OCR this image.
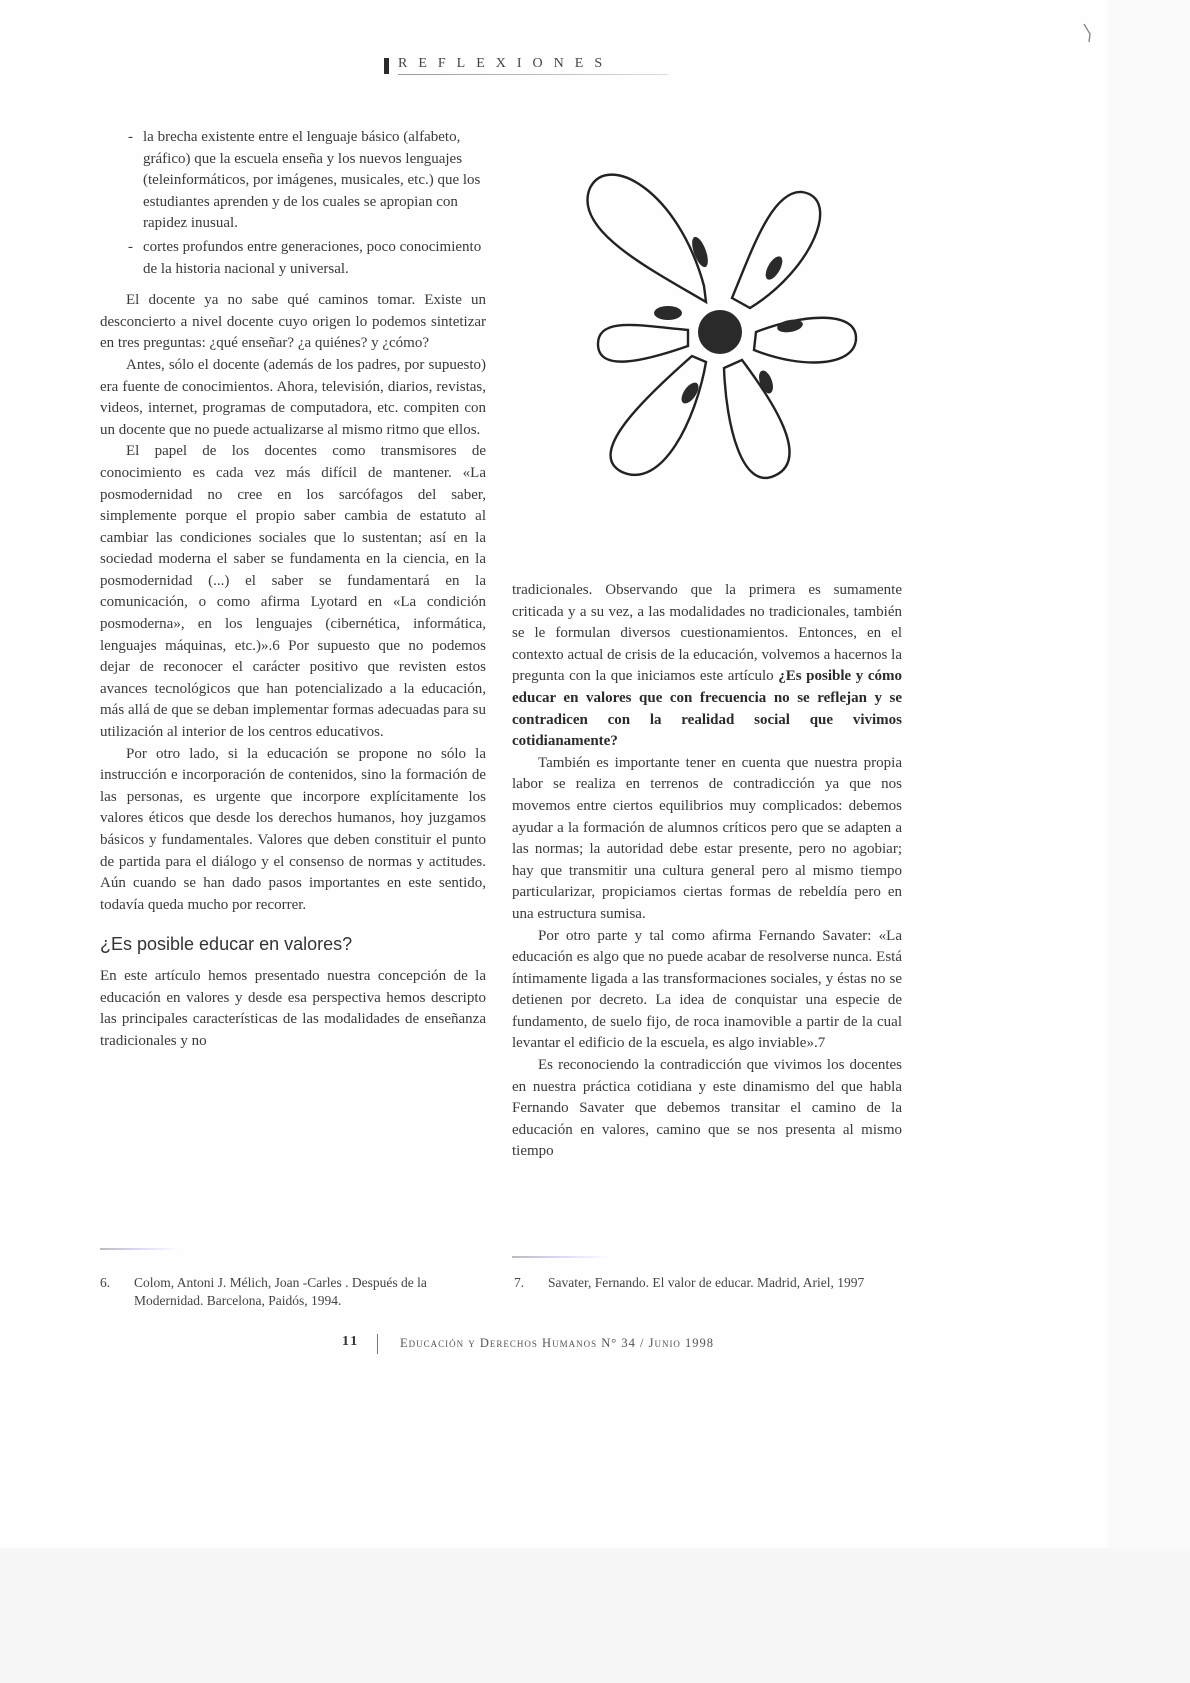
REFLEXIONES
- la brecha existente entre el lenguaje básico (alfabeto, gráfico) que la escuela enseña y los nuevos lenguajes (teleinformáticos, por imágenes, musicales, etc.) que los estudiantes aprenden y de los cuales se apropian con rapidez inusual.
- cortes profundos entre generaciones, poco conocimiento de la historia nacional y universal.

El docente ya no sabe qué caminos tomar. Existe un desconcierto a nivel docente cuyo origen lo podemos sintetizar en tres preguntas: ¿qué enseñar? ¿a quiénes? y ¿cómo?

Antes, sólo el docente (además de los padres, por supuesto) era fuente de conocimientos. Ahora, televisión, diarios, revistas, videos, internet, programas de computadora, etc. compiten con un docente que no puede actualizarse al mismo ritmo que ellos.

El papel de los docentes como transmisores de conocimiento es cada vez más difícil de mantener. «La posmodernidad no cree en los sarcófagos del saber, simplemente porque el propio saber cambia de estatuto al cambiar las condiciones sociales que lo sustentan; así en la sociedad moderna el saber se fundamenta en la ciencia, en la posmodernidad (...) el saber se fundamentará en la comunicación, o como afirma Lyotard en «La condición posmoderna», en los lenguajes (cibernética, informática, lenguajes máquinas, etc.)».6 Por supuesto que no podemos dejar de reconocer el carácter positivo que revisten estos avances tecnológicos que han potencializado a la educación, más allá de que se deban implementar formas adecuadas para su utilización al interior de los centros educativos.

Por otro lado, si la educación se propone no sólo la instrucción e incorporación de contenidos, sino la formación de las personas, es urgente que incorpore explícitamente los valores éticos que desde los derechos humanos, hoy juzgamos básicos y fundamentales. Valores que deben constituir el punto de partida para el diálogo y el consenso de normas y actitudes. Aún cuando se han dado pasos importantes en este sentido, todavía queda mucho por recorrer.

¿Es posible educar en valores?

En este artículo hemos presentado nuestra concepción de la educación en valores y desde esa perspectiva hemos descripto las principales características de las modalidades de enseñanza tradicionales y no

tradicionales. Observando que la primera es sumamente criticada y a su vez, a las modalidades no tradicionales, también se le formulan diversos cuestionamientos. Entonces, en el contexto actual de crisis de la educación, volvemos a hacernos la pregunta con la que iniciamos este artículo ¿Es posible y cómo educar en valores que con frecuencia no se reflejan y se contradicen con la realidad social que vivimos cotidianamente?

También es importante tener en cuenta que nuestra propia labor se realiza en terrenos de contradicción ya que nos movemos entre ciertos equilibrios muy complicados: debemos ayudar a la formación de alumnos críticos pero que se adapten a las normas; la autoridad debe estar presente, pero no agobiar; hay que transmitir una cultura general pero al mismo tiempo particularizar, propiciamos ciertas formas de rebeldía pero en una estructura sumisa.

Por otro parte y tal como afirma Fernando Savater: «La educación es algo que no puede acabar de resolverse nunca. Está íntimamente ligada a las transformaciones sociales, y éstas no se detienen por decreto. La idea de conquistar una especie de fundamento, de suelo fijo, de roca inamovible a partir de la cual levantar el edificio de la escuela, es algo inviable».7

Es reconociendo la contradicción que vivimos los docentes en nuestra práctica cotidiana y este dinamismo del que habla Fernando Savater que debemos transitar el camino de la educación en valores, camino que se nos presenta al mismo tiempo

6.	Colom, Antoni J. Mélich, Joan -Carles . Después de la Modernidad. Barcelona, Paidós, 1994.
7.	Savater, Fernando. El valor de educar. Madrid, Ariel, 1997
11	Educación y Derechos Humanos N° 34 / Junio 1998
